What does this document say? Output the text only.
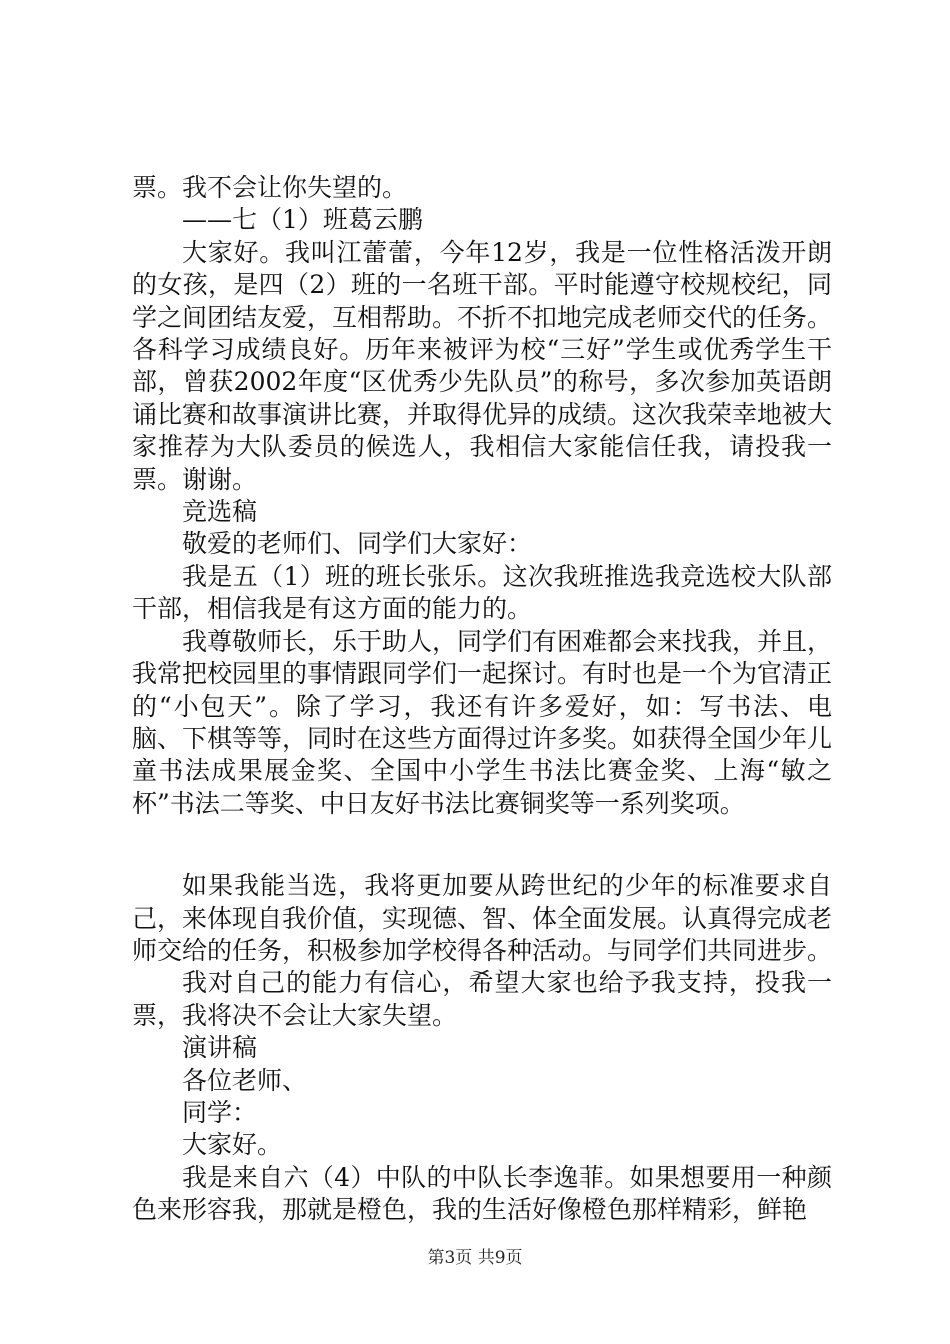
票。我不会让你失望的。

——七（1）班葛云鹏

大家好。我叫江蕾蕾，今年12岁，我是一位性格活泼开朗的女孩，是四（2）班的一名班干部。平时能遵守校规校纪，同学之间团结友爱，互相帮助。不折不扣地完成老师交代的任务。各科学习成绩良好。历年来被评为校“三好”学生或优秀学生干部，曾获2002年度“区优秀少先队员”的称号，多次参加英语朗诵比赛和故事演讲比赛，并取得优异的成绩。这次我荣幸地被大家推荐为大队委员的候选人，我相信大家能信任我，请投我一票。谢谢。

竞选稿

敬爱的老师们、同学们大家好：

我是五（1）班的班长张乐。这次我班推选我竞选校大队部干部，相信我是有这方面的能力的。

我尊敬师长，乐于助人，同学们有困难都会来找我，并且，我常把校园里的事情跟同学们一起探讨。有时也是一个为官清正的“小包天”。除了学习，我还有许多爱好，如：写书法、电脑、下棋等等，同时在这些方面得过许多奖。如获得全国少年儿童书法成果展金奖、全国中小学生书法比赛金奖、上海“敏之杯”书法二等奖、中日友好书法比赛铜奖等一系列奖项。

如果我能当选，我将更加要从跨世纪的少年的标准要求自己，来体现自我价值，实现德、智、体全面发展。认真得完成老师交给的任务，积极参加学校得各种活动。与同学们共同进步。

我对自己的能力有信心，希望大家也给予我支持，投我一票，我将决不会让大家失望。

演讲稿

各位老师、

同学：

大家好。

我是来自六（4）中队的中队长李逸菲。如果想要用一种颜色来形容我，那就是橙色，我的生活好像橙色那样精彩，鲜艳

第3页 共9页
